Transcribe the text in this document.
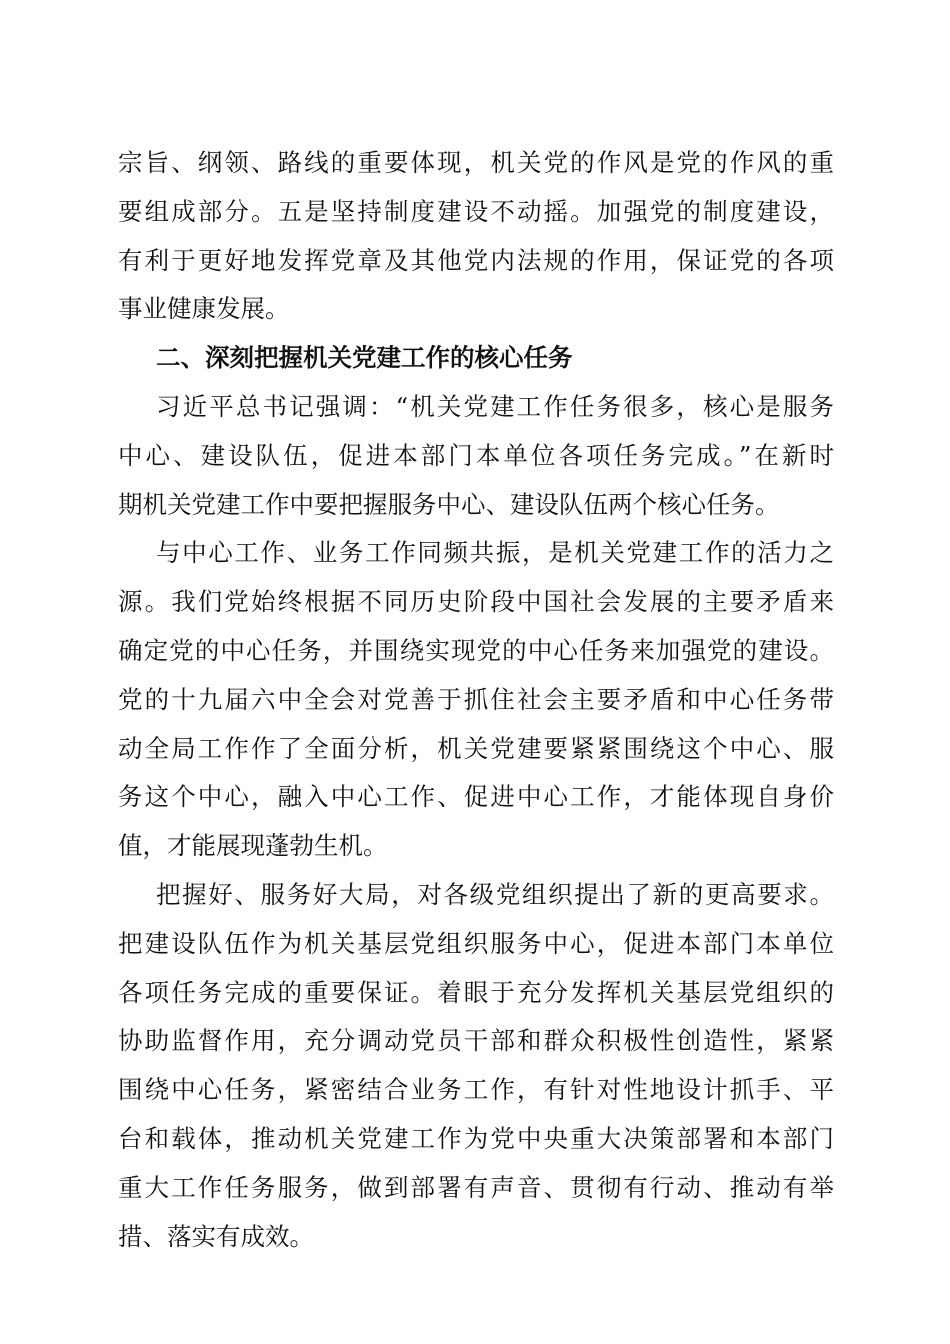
宗旨、纲领、路线的重要体现，机关党的作风是党的作风的重
要组成部分。五是坚持制度建设不动摇。加强党的制度建设，
有利于更好地发挥党章及其他党内法规的作用，保证党的各项
事业健康发展。
二、深刻把握机关党建工作的核心任务
习近平总书记强调：“机关党建工作任务很多，核心是服务
中心、建设队伍，促进本部门本单位各项任务完成。”在新时
期机关党建工作中要把握服务中心、建设队伍两个核心任务。
与中心工作、业务工作同频共振，是机关党建工作的活力之
源。我们党始终根据不同历史阶段中国社会发展的主要矛盾来
确定党的中心任务，并围绕实现党的中心任务来加强党的建设。
党的十九届六中全会对党善于抓住社会主要矛盾和中心任务带
动全局工作作了全面分析，机关党建要紧紧围绕这个中心、服
务这个中心，融入中心工作、促进中心工作，才能体现自身价
值，才能展现蓬勃生机。
把握好、服务好大局，对各级党组织提出了新的更高要求。
把建设队伍作为机关基层党组织服务中心，促进本部门本单位
各项任务完成的重要保证。着眼于充分发挥机关基层党组织的
协助监督作用，充分调动党员干部和群众积极性创造性，紧紧
围绕中心任务，紧密结合业务工作，有针对性地设计抓手、平
台和载体，推动机关党建工作为党中央重大决策部署和本部门
重大工作任务服务，做到部署有声音、贯彻有行动、推动有举
措、落实有成效。
